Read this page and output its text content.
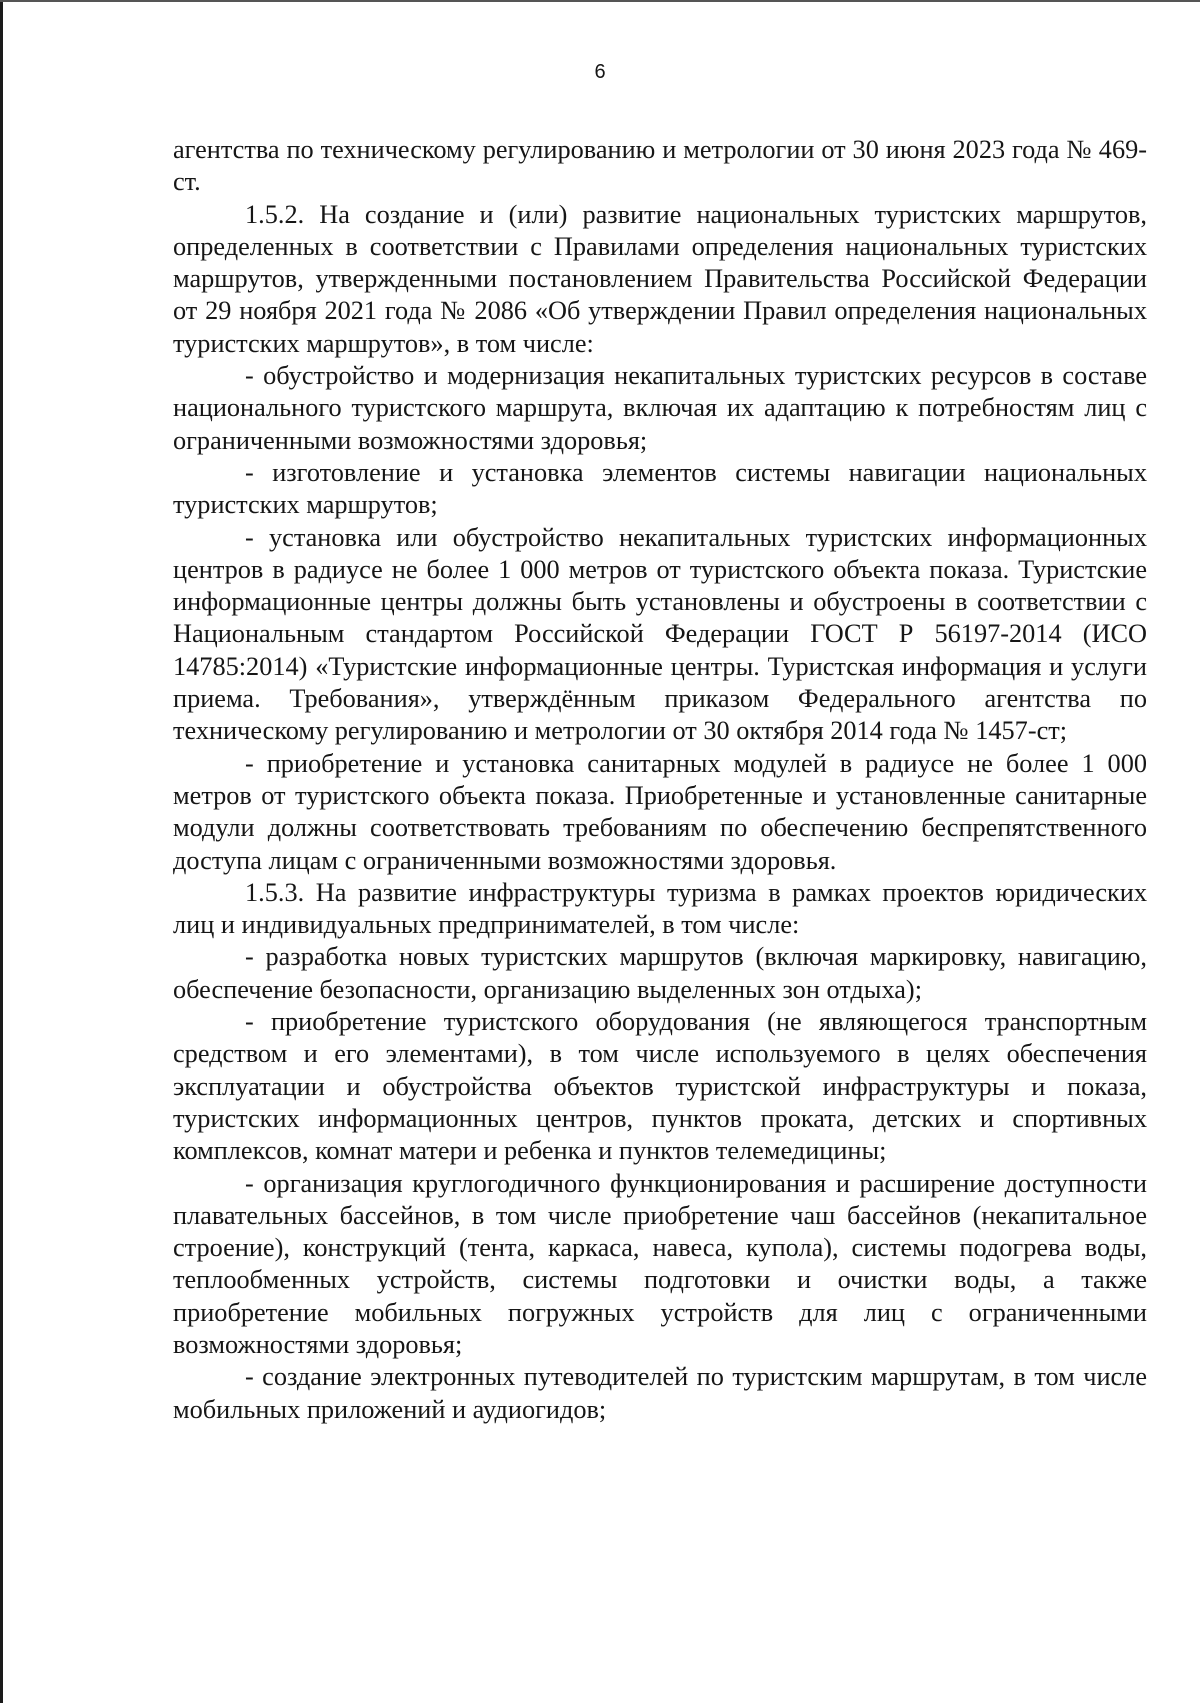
6

агентства по техническому регулированию и метрологии от 30 июня 2023 года № 469-ст.

1.5.2. На создание и (или) развитие национальных туристских маршрутов, определенных в соответствии с Правилами определения национальных туристских маршрутов, утвержденными постановлением Правительства Российской Федерации от 29 ноября 2021 года № 2086 «Об утверждении Правил определения национальных туристских маршрутов», в том числе:

- обустройство и модернизация некапитальных туристских ресурсов в составе национального туристского маршрута, включая их адаптацию к потребностям лиц с ограниченными возможностями здоровья;

- изготовление и установка элементов системы навигации национальных туристских маршрутов;

- установка или обустройство некапитальных туристских информационных центров в радиусе не более 1 000 метров от туристского объекта показа. Туристские информационные центры должны быть установлены и обустроены в соответствии с Национальным стандартом Российской Федерации ГОСТ Р 56197-2014 (ИСО 14785:2014) «Туристские информационные центры. Туристская информация и услуги приема. Требования», утверждённым приказом Федерального агентства по техническому регулированию и метрологии от 30 октября 2014 года № 1457-ст;

- приобретение и установка санитарных модулей в радиусе не более 1 000 метров от туристского объекта показа. Приобретенные и установленные санитарные модули должны соответствовать требованиям по обеспечению беспрепятственного доступа лицам с ограниченными возможностями здоровья.

1.5.3. На развитие инфраструктуры туризма в рамках проектов юридических лиц и индивидуальных предпринимателей, в том числе:

- разработка новых туристских маршрутов (включая маркировку, навигацию, обеспечение безопасности, организацию выделенных зон отдыха);

- приобретение туристского оборудования (не являющегося транспортным средством и его элементами), в том числе используемого в целях обеспечения эксплуатации и обустройства объектов туристской инфраструктуры и показа, туристских информационных центров, пунктов проката, детских и спортивных комплексов, комнат матери и ребенка и пунктов телемедицины;

- организация круглогодичного функционирования и расширение доступности плавательных бассейнов, в том числе приобретение чаш бассейнов (некапитальное строение), конструкций (тента, каркаса, навеса, купола), системы подогрева воды, теплообменных устройств, системы подготовки и очистки воды, а также приобретение мобильных погружных устройств для лиц с ограниченными возможностями здоровья;

- создание электронных путеводителей по туристским маршрутам, в том числе мобильных приложений и аудиогидов;
